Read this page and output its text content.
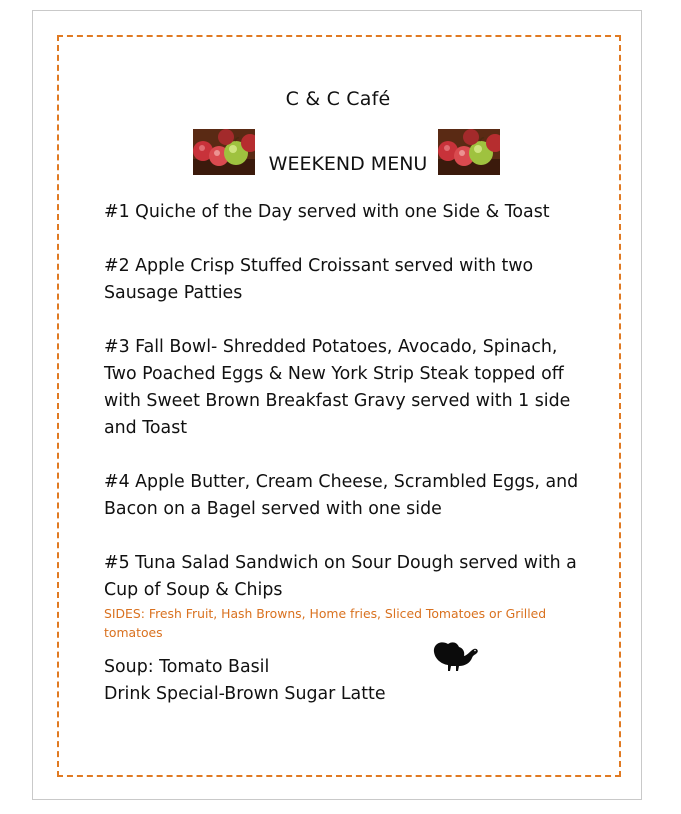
C & C Café
WEEKEND MENU
#1 Quiche of the Day served with one Side & Toast
#2 Apple Crisp Stuffed Croissant served with two Sausage Patties
#3 Fall Bowl- Shredded Potatoes, Avocado, Spinach, Two Poached Eggs & New York Strip Steak topped off with Sweet Brown Breakfast Gravy served with 1 side and Toast
#4 Apple Butter, Cream Cheese, Scrambled Eggs, and Bacon on a Bagel served with one side
#5 Tuna Salad Sandwich on Sour Dough served with a Cup of Soup & Chips
SIDES: Fresh Fruit, Hash Browns, Home fries, Sliced Tomatoes or Grilled tomatoes
Soup: Tomato Basil
Drink Special-Brown Sugar Latte
